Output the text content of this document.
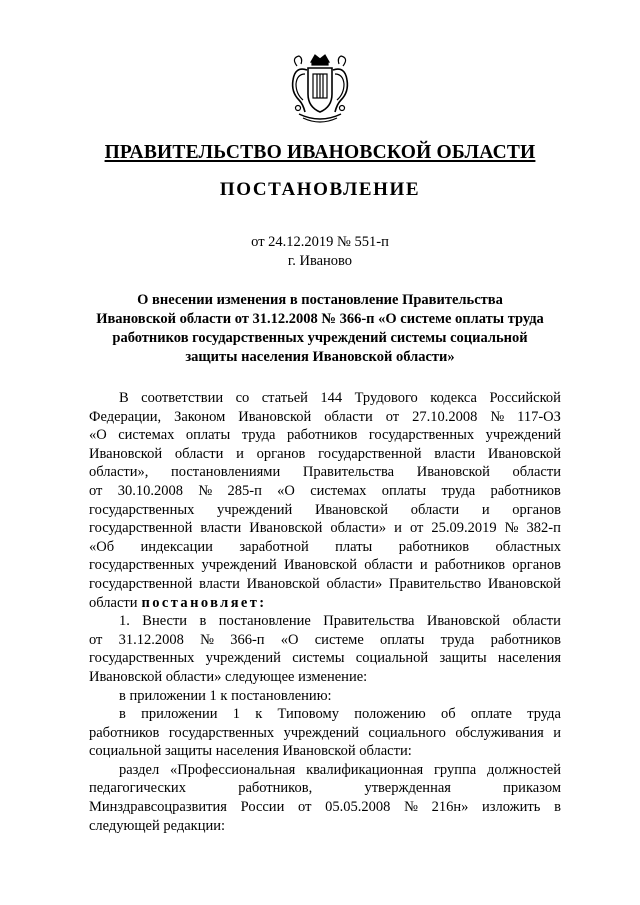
ПРАВИТЕЛЬСТВО ИВАНОВСКОЙ ОБЛАСТИ
ПОСТАНОВЛЕНИЕ
от 24.12.2019 № 551-п
г. Иваново
О внесении изменения в постановление Правительства
Ивановской области от 31.12.2008 № 366-п «О системе оплаты труда
работников государственных учреждений системы социальной
защиты населения Ивановской области»
В соответствии со статьей 144 Трудового кодекса Российской
Федерации, Законом Ивановской области от 27.10.2008 № 117-ОЗ
«О системах оплаты труда работников государственных учреждений
Ивановской области и органов государственной власти Ивановской
области», постановлениями Правительства Ивановской области
от 30.10.2008 № 285-п «О системах оплаты труда работников
государственных учреждений Ивановской области и органов
государственной власти Ивановской области» и от 25.09.2019 № 382-п
«Об индексации заработной платы работников областных
государственных учреждений Ивановской области и работников органов
государственной власти Ивановской области» Правительство Ивановской
области постановляет:
1. Внести в постановление Правительства Ивановской области
от 31.12.2008 № 366-п «О системе оплаты труда работников
государственных учреждений системы социальной защиты населения
Ивановской области» следующее изменение:
в приложении 1 к постановлению:
в приложении 1 к Типовому положению об оплате труда
работников государственных учреждений социального обслуживания и
социальной защиты населения Ивановской области:
раздел «Профессиональная квалификационная группа должностей
педагогических	работников,	утвержденная	приказом
Минздравсоцразвития России от 05.05.2008 № 216н» изложить в
следующей редакции:
